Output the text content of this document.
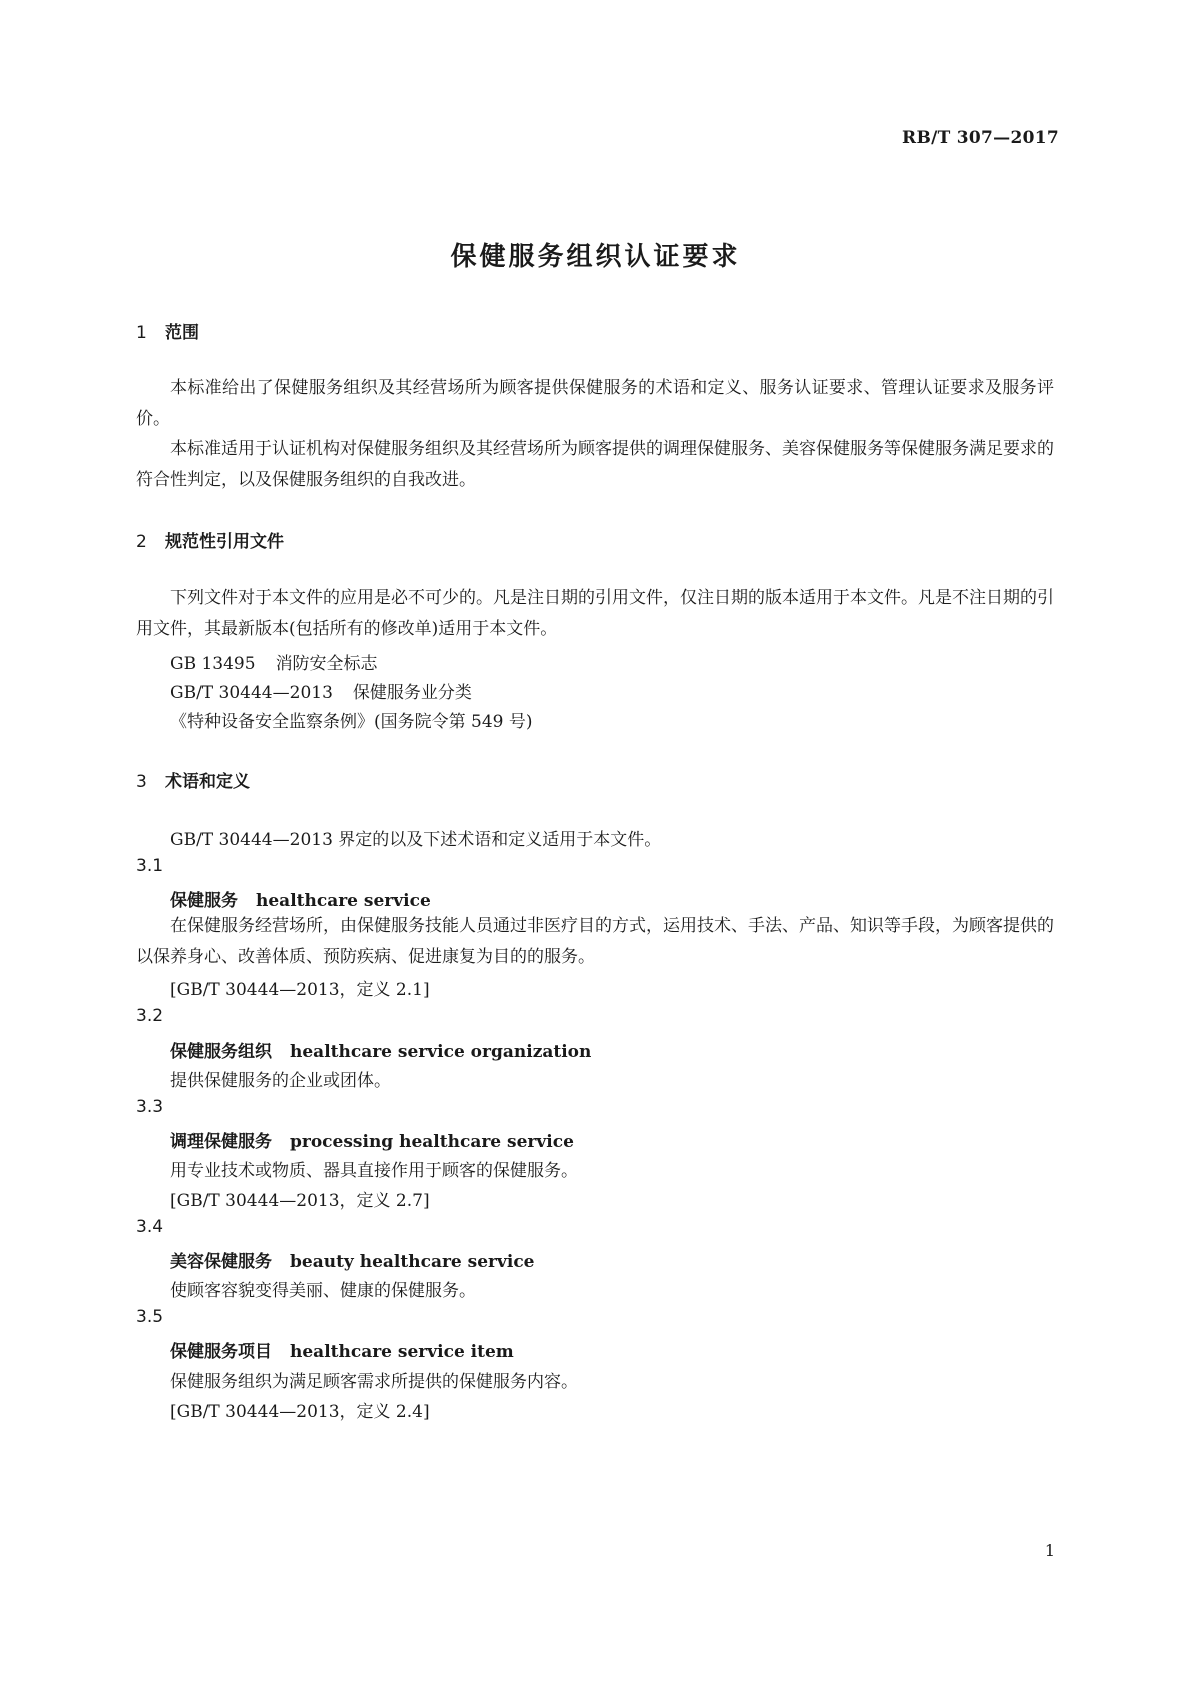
RB/T 307—2017
保健服务组织认证要求
1 范围
本标准给出了保健服务组织及其经营场所为顾客提供保健服务的术语和定义、服务认证要求、管理认证要求及服务评价。
本标准适用于认证机构对保健服务组织及其经营场所为顾客提供的调理保健服务、美容保健服务等保健服务满足要求的符合性判定，以及保健服务组织的自我改进。
2 规范性引用文件
下列文件对于本文件的应用是必不可少的。凡是注日期的引用文件，仅注日期的版本适用于本文件。凡是不注日期的引用文件，其最新版本(包括所有的修改单)适用于本文件。
GB 13495 消防安全标志
GB/T 30444—2013 保健服务业分类
《特种设备安全监察条例》(国务院令第 549 号)
3 术语和定义
GB/T 30444—2013 界定的以及下述术语和定义适用于本文件。
3.1
保健服务 healthcare service
在保健服务经营场所，由保健服务技能人员通过非医疗目的方式，运用技术、手法、产品、知识等手段，为顾客提供的以保养身心、改善体质、预防疾病、促进康复为目的的服务。
[GB/T 30444—2013，定义 2.1]
3.2
保健服务组织 healthcare service organization
提供保健服务的企业或团体。
3.3
调理保健服务 processing healthcare service
用专业技术或物质、器具直接作用于顾客的保健服务。
[GB/T 30444—2013，定义 2.7]
3.4
美容保健服务 beauty healthcare service
使顾客容貌变得美丽、健康的保健服务。
3.5
保健服务项目 healthcare service item
保健服务组织为满足顾客需求所提供的保健服务内容。
[GB/T 30444—2013，定义 2.4]
1
